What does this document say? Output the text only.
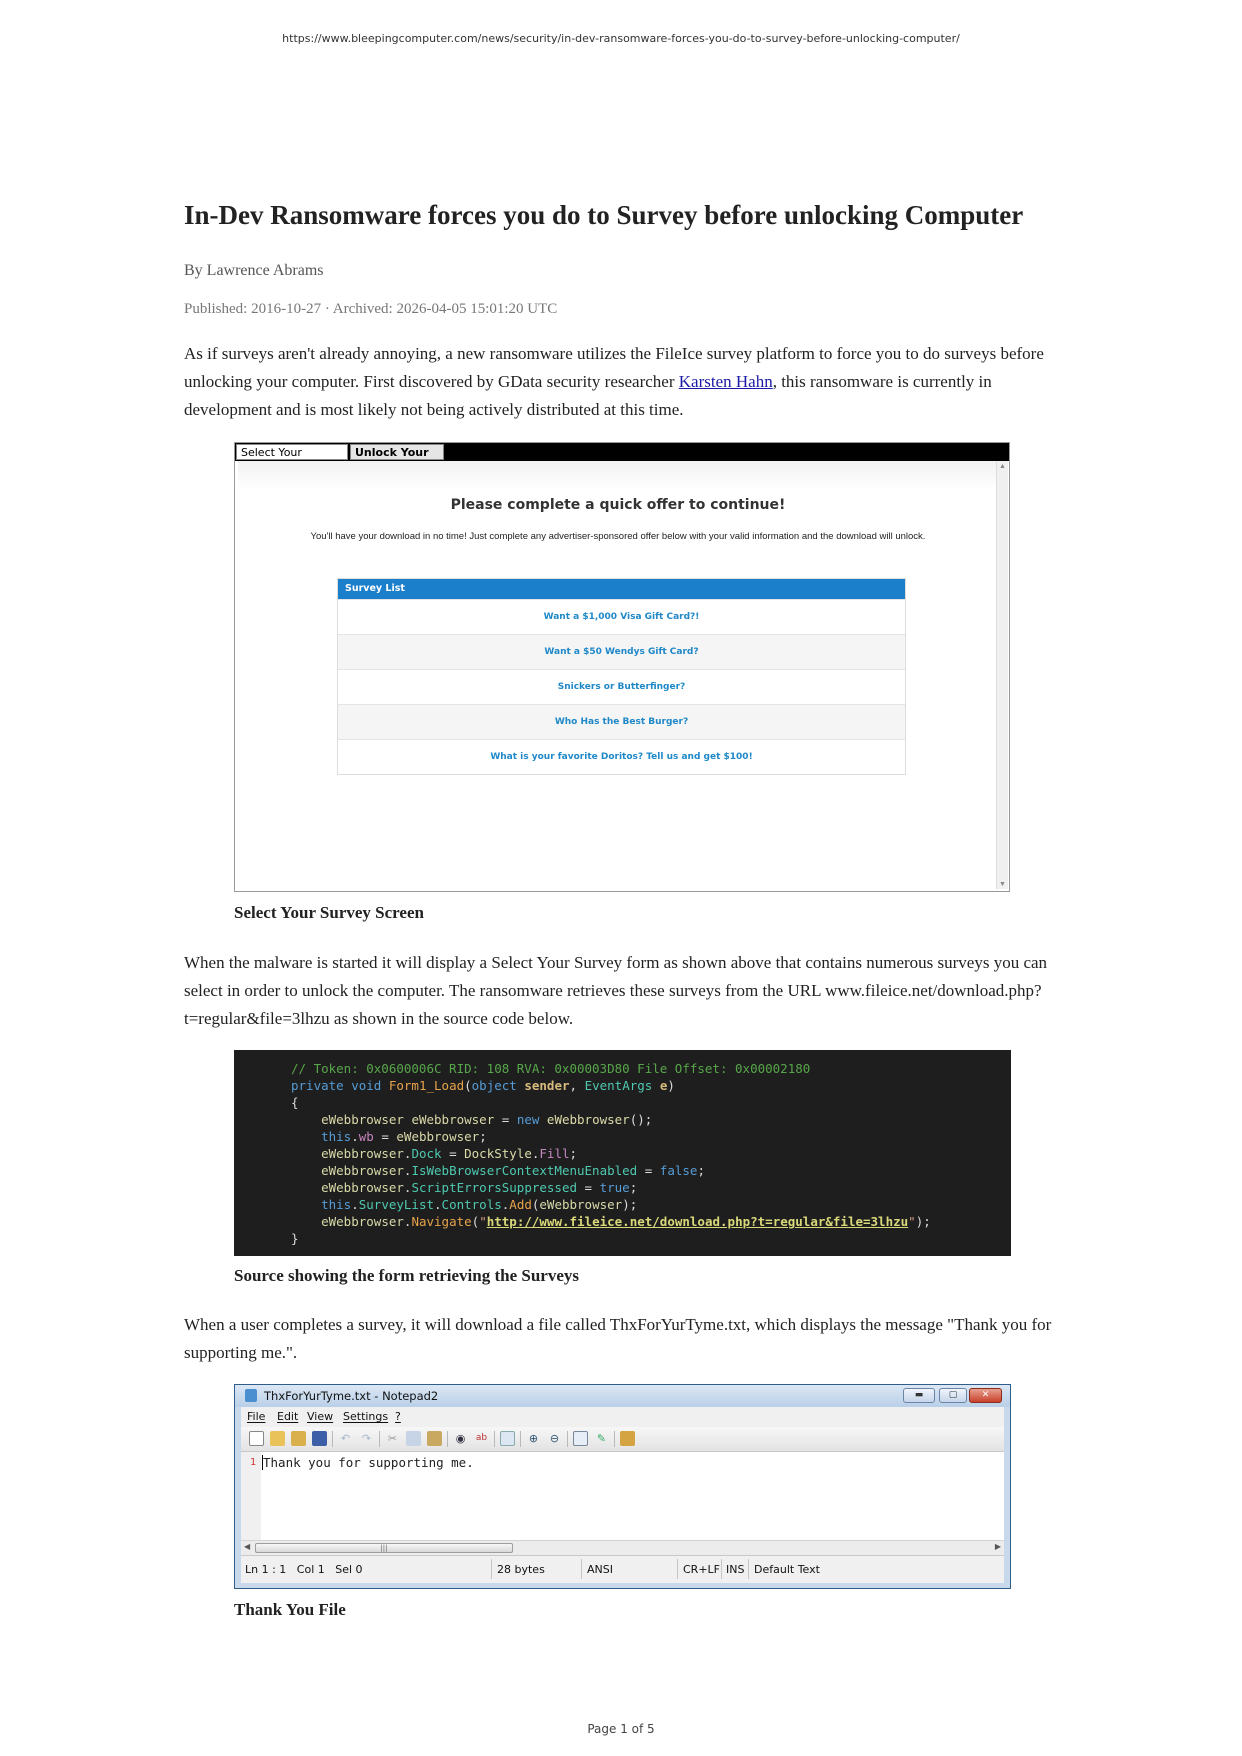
https://www.bleepingcomputer.com/news/security/in-dev-ransomware-forces-you-do-to-survey-before-unlocking-computer/
In-Dev Ransomware forces you do to Survey before unlocking Computer
By Lawrence Abrams
Published: 2016-10-27 · Archived: 2026-04-05 15:01:20 UTC

As if surveys aren't already annoying, a new ransomware utilizes the FileIce survey platform to force you to do surveys before unlocking your computer. First discovered by GData security researcher Karsten Hahn, this ransomware is currently in development and is most likely not being actively distributed at this time.

Select Your	Unlock Your
Please complete a quick offer to continue!
You'll have your download in no time! Just complete any advertiser-sponsored offer below with your valid information and the download will unlock.
Survey List
Want a $1,000 Visa Gift Card?!
Want a $50 Wendys Gift Card?
Snickers or Butterfinger?
Who Has the Best Burger?
What is your favorite Doritos? Tell us and get $100!
▲
▼
Select Your Survey Screen

When the malware is started it will display a Select Your Survey form as shown above that contains numerous surveys you can select in order to unlock the computer. The ransomware retrieves these surveys from the URL www.fileice.net/download.php?t=regular&file=3lhzu as shown in the source code below.

// Token: 0x0600006C RID: 108 RVA: 0x00003D80 File Offset: 0x00002180
private void Form1_Load(object sender, EventArgs e)
{
eWebbrowser eWebbrowser = new eWebbrowser();
this.wb = eWebbrowser;
eWebbrowser.Dock = DockStyle.Fill;
eWebbrowser.IsWebBrowserContextMenuEnabled = false;
eWebbrowser.ScriptErrorsSuppressed = true;
this.SurveyList.Controls.Add(eWebbrowser);
eWebbrowser.Navigate("http://www.fileice.net/download.php?t=regular&file=3lhzu");
}
Source showing the form retrieving the Surveys

When a user completes a survey, it will download a file called ThxForYurTyme.txt, which displays the message "Thank you for supporting me.".

ThxForYurTyme.txt - Notepad2	▬	▢	✕
File Edit View Settings ?
↶ ↷ ✂	◉	ab	⊕ ⊖	✎
1 Thank you for supporting me.
◀	|||	▶
Ln 1 : 1   Col 1   Sel 0	28 bytes	ANSI	CR+LF INS Default Text
Thank You File
Page 1 of 5
